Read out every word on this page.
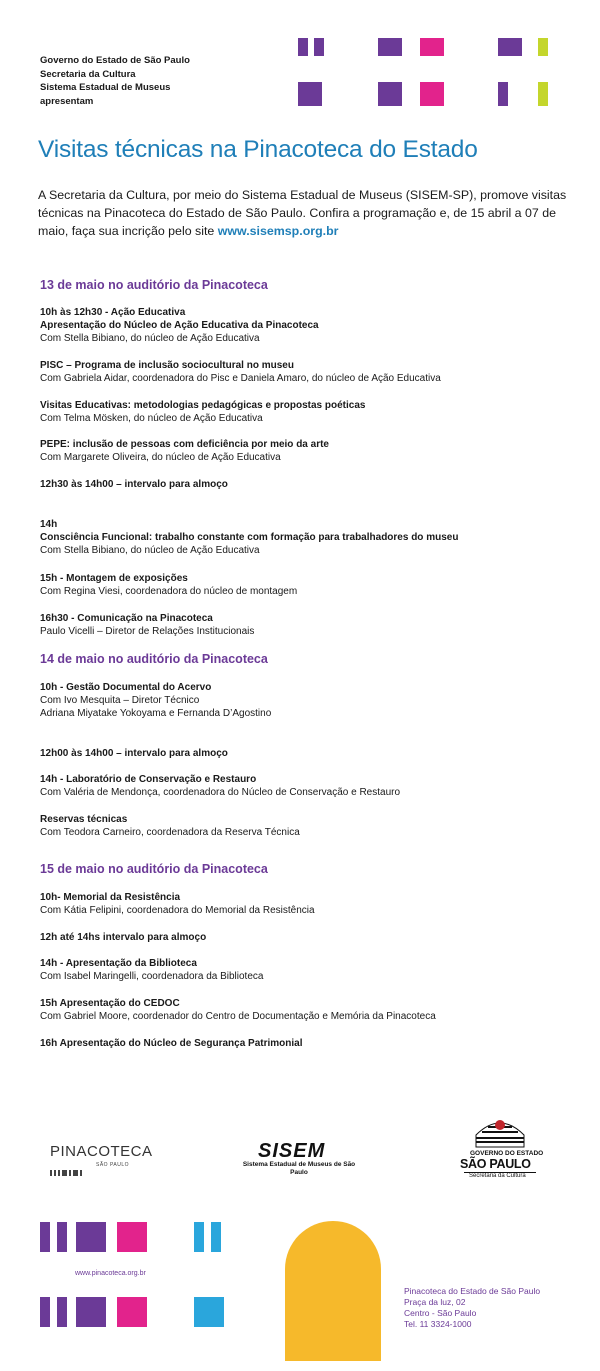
Governo do Estado de São Paulo
Secretaria da Cultura
Sistema Estadual de Museus
apresentam
Visitas técnicas na Pinacoteca do Estado
A Secretaria da Cultura, por meio do Sistema Estadual de Museus (SISEM-SP), promove visitas técnicas na Pinacoteca do Estado de São Paulo. Confira a programação e, de 15 abril a 07 de maio, faça sua incrição pelo site www.sisemsp.org.br
13 de maio no auditório da Pinacoteca
10h às 12h30 - Ação Educativa
Apresentação do Núcleo de Ação Educativa da Pinacoteca
Com Stella Bibiano, do núcleo de Ação Educativa
PISC – Programa de inclusão sociocultural no museu
Com Gabriela Aidar, coordenadora do Pisc e Daniela Amaro, do núcleo de Ação Educativa
Visitas Educativas: metodologias pedagógicas e propostas poéticas
Com Telma Mösken, do núcleo de Ação Educativa
PEPE: inclusão de pessoas com deficiência por meio da arte
Com Margarete Oliveira, do núcleo de Ação Educativa
12h30 às 14h00 – intervalo para almoço
14h
Consciência Funcional: trabalho constante com formação para trabalhadores do museu
Com Stella Bibiano, do núcleo de Ação Educativa
15h - Montagem de exposições
Com Regina Viesi, coordenadora do núcleo de montagem
16h30 - Comunicação na Pinacoteca
Paulo Vicelli – Diretor de Relações Institucionais
14 de maio no auditório da Pinacoteca
10h - Gestão Documental do Acervo
Com Ivo Mesquita – Diretor Técnico
Adriana Miyatake Yokoyama e Fernanda D’Agostino
12h00 às 14h00 – intervalo para almoço
14h - Laboratório de Conservação e Restauro
Com Valéria de Mendonça, coordenadora do Núcleo de Conservação e Restauro
Reservas técnicas
Com Teodora Carneiro, coordenadora da Reserva Técnica
15 de maio no auditório da Pinacoteca
10h- Memorial da Resistência
Com Kátia Felipini, coordenadora do Memorial da Resistência
12h até 14hs intervalo para almoço
14h - Apresentação da Biblioteca
Com Isabel Maringelli, coordenadora da Biblioteca
15h Apresentação do CEDOC
Com Gabriel Moore, coordenador do Centro de Documentação e Memória da Pinacoteca
16h Apresentação do Núcleo de Segurança Patrimonial
PINACOTECA
SÃO PAULO
SISEM
Sistema Estadual de Museus de São Paulo
GOVERNO DO ESTADO
SÃO PAULO
Secretaria da Cultura
www.pinacoteca.org.br
Pinacoteca do Estado de São Paulo
Praça da luz, 02
Centro - São Paulo
Tel. 11 3324-1000
